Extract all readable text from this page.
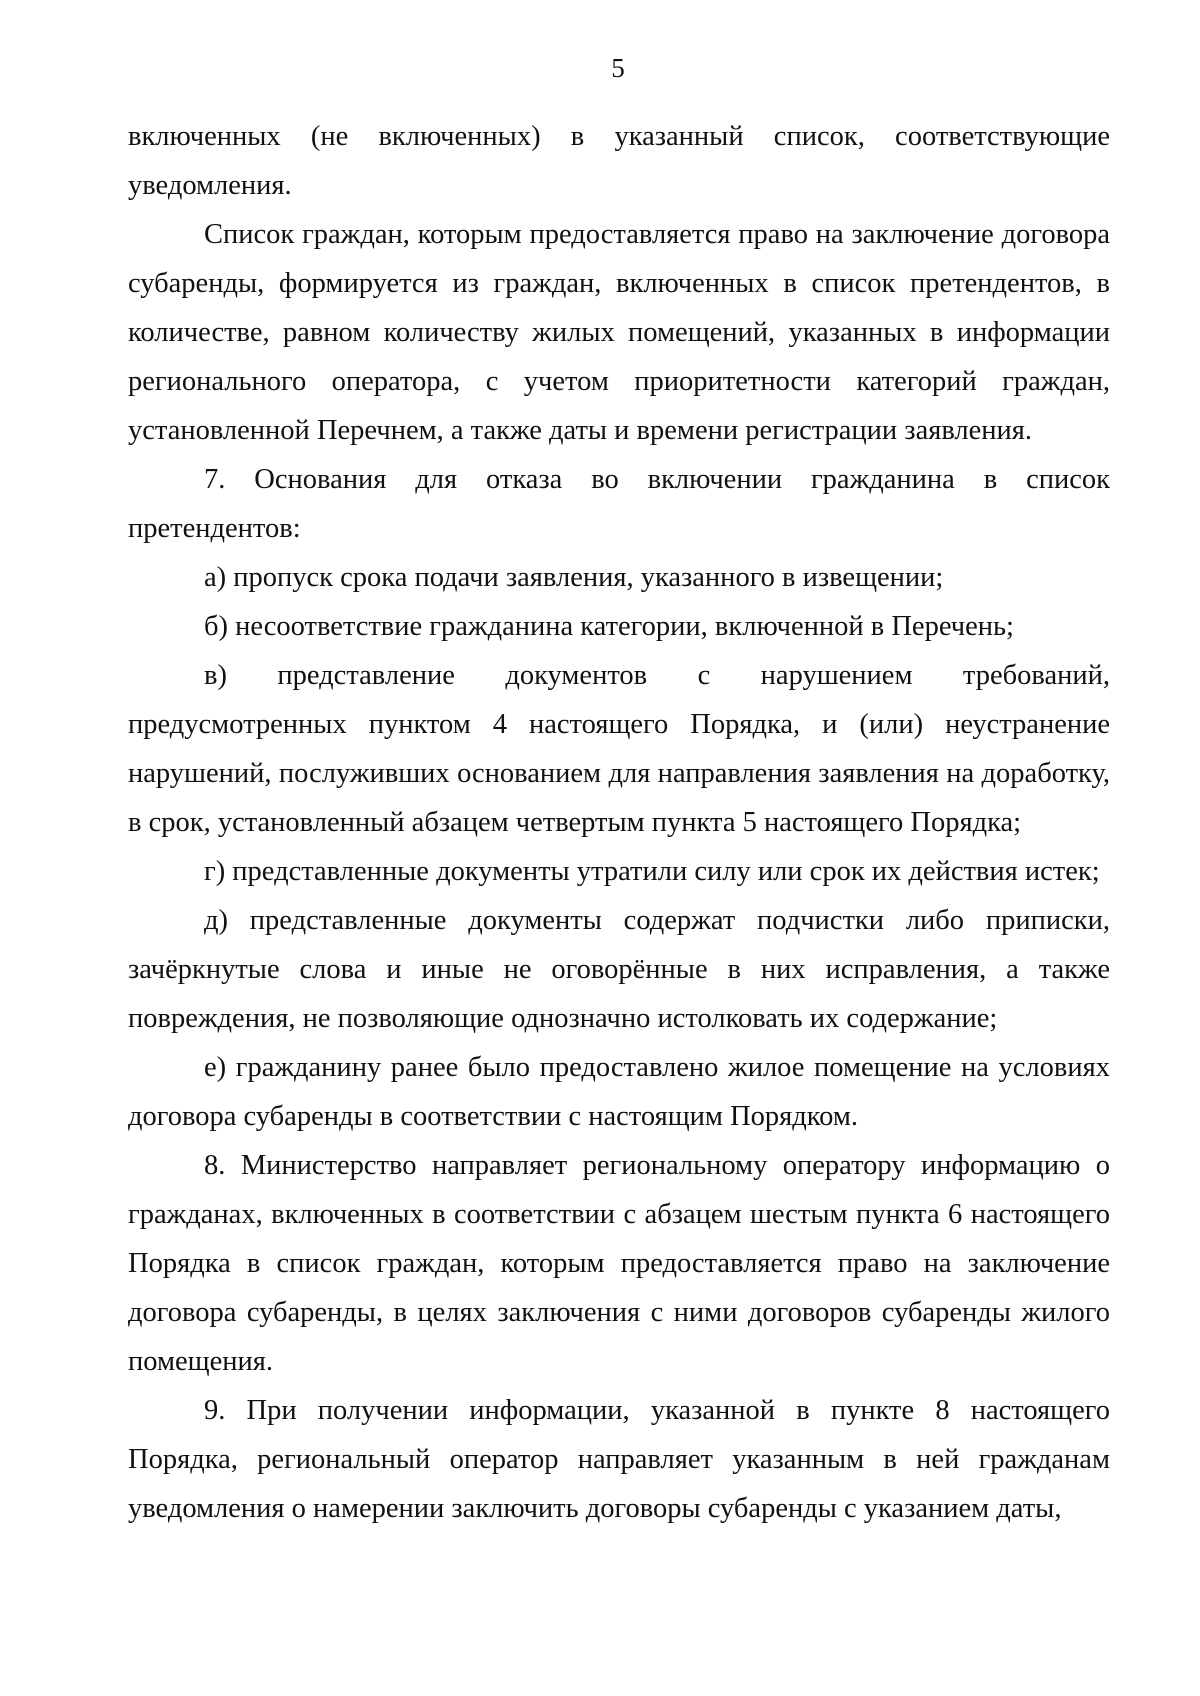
5

включенных (не включенных) в указанный список, соответствующие уведомления.

Список граждан, которым предоставляется право на заключение договора субаренды, формируется из граждан, включенных в список претендентов, в количестве, равном количеству жилых помещений, указанных в информации регионального оператора, с учетом приоритетности категорий граждан, установленной Перечнем, а также даты и времени регистрации заявления.

7. Основания для отказа во включении гражданина в список претендентов:

а) пропуск срока подачи заявления, указанного в извещении;

б) несоответствие гражданина категории, включенной в Перечень;

в) представление документов с нарушением требований, предусмотренных пунктом 4 настоящего Порядка, и (или) неустранение нарушений, послуживших основанием для направления заявления на доработку, в срок, установленный абзацем четвертым пункта 5 настоящего Порядка;

г) представленные документы утратили силу или срок их действия истек;

д) представленные документы содержат подчистки либо приписки, зачёркнутые слова и иные не оговорённые в них исправления, а также повреждения, не позволяющие однозначно истолковать их содержание;

е) гражданину ранее было предоставлено жилое помещение на условиях договора субаренды в соответствии с настоящим Порядком.

8. Министерство направляет региональному оператору информацию о гражданах, включенных в соответствии с абзацем шестым пункта 6 настоящего Порядка в список граждан, которым предоставляется право на заключение договора субаренды, в целях заключения с ними договоров субаренды жилого помещения.

9. При получении информации, указанной в пункте 8 настоящего Порядка, региональный оператор направляет указанным в ней гражданам уведомления о намерении заключить договоры субаренды с указанием даты,
